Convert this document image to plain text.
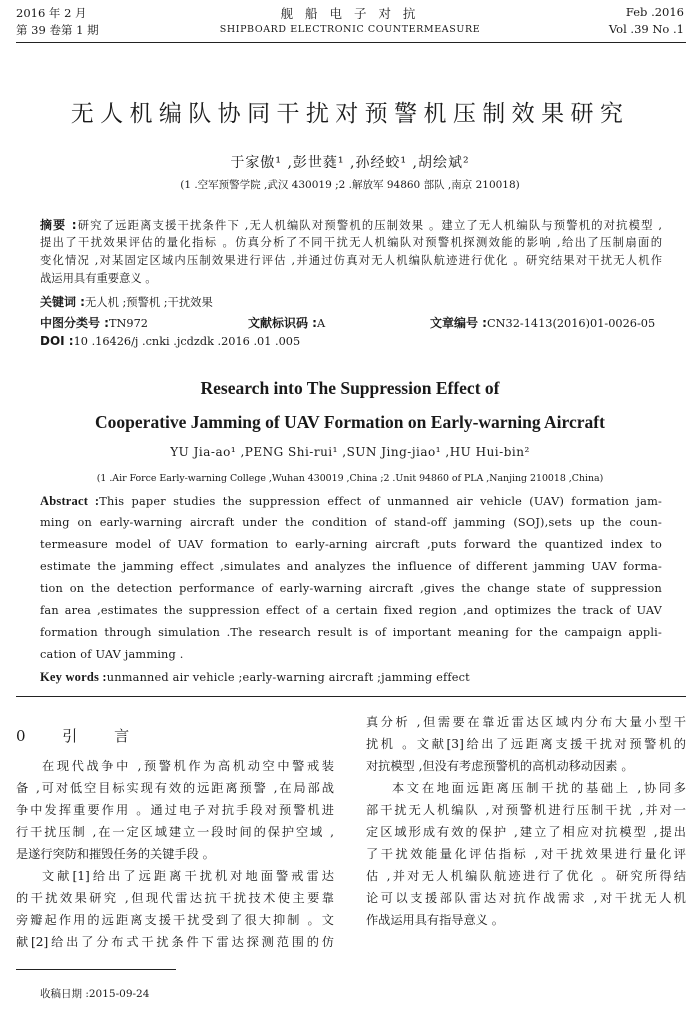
2016 年 2 月	舰 船 电 子 对 抗	Feb .2016
第 39 卷第 1 期	SHIPBOARD ELECTRONIC COUNTERMEASURE	Vol .39 No .1
无人机编队协同干扰对预警机压制效果研究
于家傲¹ ,彭世蕤¹ ,孙经蛟¹ ,胡绘斌²
(1 .空军预警学院 ,武汉 430019 ;2 .解放军 94860 部队 ,南京 210018)
摘要 :研究了远距离支援干扰条件下 ,无人机编队对预警机的压制效果 。建立了无人机编队与预警机的对抗模型 ,
提出了干扰效果评估的量化指标 。仿真分析了不同干扰无人机编队对预警机探测效能的影响 ,给出了压制扇面的
变化情况 ,对某固定区域内压制效果进行评估 ,并通过仿真对无人机编队航迹进行优化 。研究结果对干扰无人机作
战运用具有重要意义 。
关键词 :无人机 ;预警机 ;干扰效果
中图分类号 :TN972	文献标识码 :A	文章编号 :CN32-1413(2016)01-0026-05
DOI :10 .16426/j .cnki .jcdzdk .2016 .01 .005
Research into The Suppression Effect of
Cooperative Jamming of UAV Formation on Early-warning Aircraft
YU Jia-ao¹ ,PENG Shi-rui¹ ,SUN Jing-jiao¹ ,HU Hui-bin²
(1 .Air Force Early-warning College ,Wuhan 430019 ,China ;2 .Unit 94860 of PLA ,Nanjing 210018 ,China)
Abstract :This paper studies the suppression effect of unmanned air vehicle (UAV) formation jam-
ming on early-warning aircraft under the condition of stand-off jamming (SOJ),sets up the coun-
termeasure model of UAV formation to early-arning aircraft ,puts forward the quantized index to
estimate the jamming effect ,simulates and analyzes the influence of different jamming UAV forma-
tion on the detection performance of early-warning aircraft ,gives the change state of suppression
fan area ,estimates the suppression effect of a certain fixed region ,and optimizes the track of UAV
formation through simulation .The research result is of important meaning for the campaign appli-
cation of UAV jamming .
Key words :unmanned air vehicle ;early-warning aircraft ;jamming effect
0 引 言
在现代战争中 ,预警机作为高机动空中警戒装
备 ,可对低空目标实现有效的远距离预警 ,在局部战
争中发挥重要作用 。通过电子对抗手段对预警机进
行干扰压制 ,在一定区域建立一段时间的保护空域 ,
是遂行突防和摧毁任务的关键手段 。
文献[1]给出了远距离干扰机对地面警戒雷达
的干扰效果研究 ,但现代雷达抗干扰技术使主要靠
旁瓣起作用的远距离支援干扰受到了很大抑制 。文
献[2]给出了分布式干扰条件下雷达探测范围的仿
真分析 ,但需要在靠近雷达区域内分布大量小型干
扰机 。文献[3]给出了远距离支援干扰对预警机的
对抗模型 ,但没有考虑预警机的高机动移动因素 。
本文在地面远距离压制干扰的基础上 ,协同多
部干扰无人机编队 ,对预警机进行压制干扰 ,并对一
定区域形成有效的保护 ,建立了相应对抗模型 ,提出
了干扰效能量化评估指标 ,对干扰效果进行量化评
估 ,并对无人机编队航迹进行了优化 。研究所得结
论可以支援部队雷达对抗作战需求 ,对干扰无人机
作战运用具有指导意义 。
收稿日期 :2015-09-24
